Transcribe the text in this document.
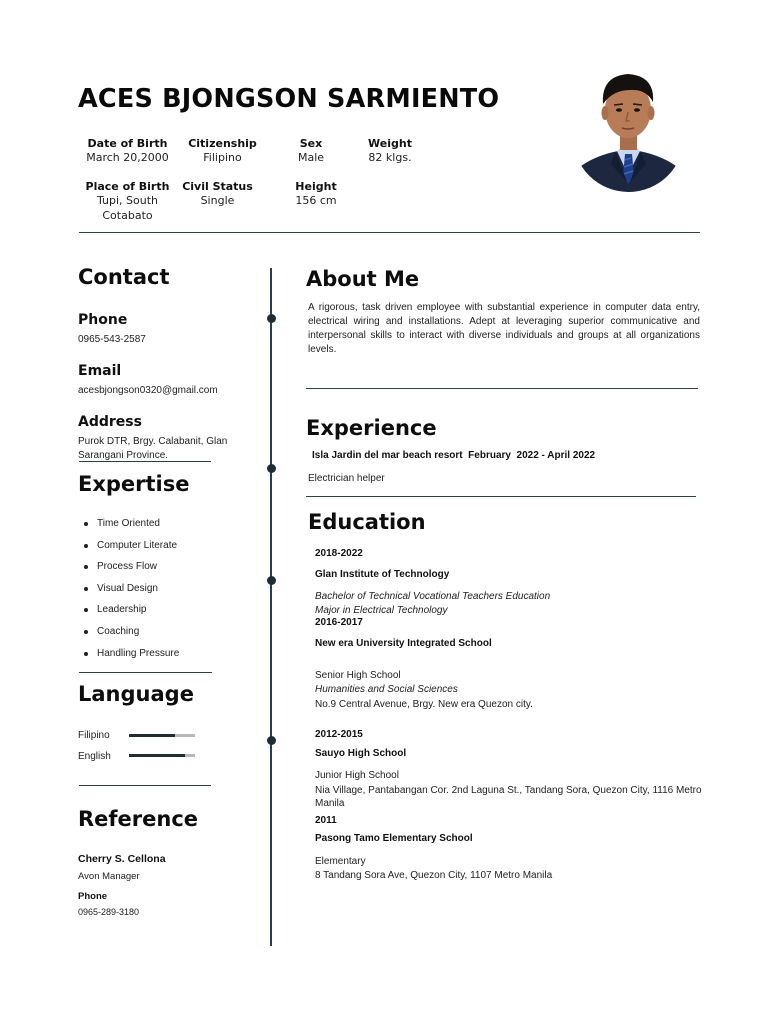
ACES BJONGSON SARMIENTO
Date of Birth
March 20,2000
Citizenship
Filipino
Sex
Male
Weight
82 klgs.
Place of Birth
Tupi, South Cotabato
Civil Status
Single
Height
156 cm
Contact
Phone
0965-543-2587
Email
acesbjongson0320@gmail.com
Address
Purok DTR, Brgy. Calabanit, Glan
Sarangani Province.
Expertise
Time Oriented
Computer Literate
Process Flow
Visual Design
Leadership
Coaching
Handling Pressure
Language
Filipino
English
Reference
Cherry S. Cellona
Avon Manager
Phone
0965-289-3180
About Me
A rigorous, task driven employee with substantial experience in computer data entry, electrical wiring and installations. Adept at leveraging superior communicative and interpersonal skills to interact with diverse individuals and groups at all organizations levels.
Experience
Isla Jardin del mar beach resort  February  2022 - April 2022
Electrician helper
Education
2018-2022
Glan Institute of Technology
Bachelor of Technical Vocational Teachers Education
Major in Electrical Technology
2016-2017
New era University Integrated School
Senior High School
Humanities and Social Sciences
No.9 Central Avenue, Brgy. New era Quezon city.
2012-2015
Sauyo High School
Junior High School
Nia Village, Pantabangan Cor. 2nd Laguna St., Tandang Sora, Quezon City, 1116 Metro
Manila
2011
Pasong Tamo Elementary School
Elementary
8 Tandang Sora Ave, Quezon City, 1107 Metro Manila
